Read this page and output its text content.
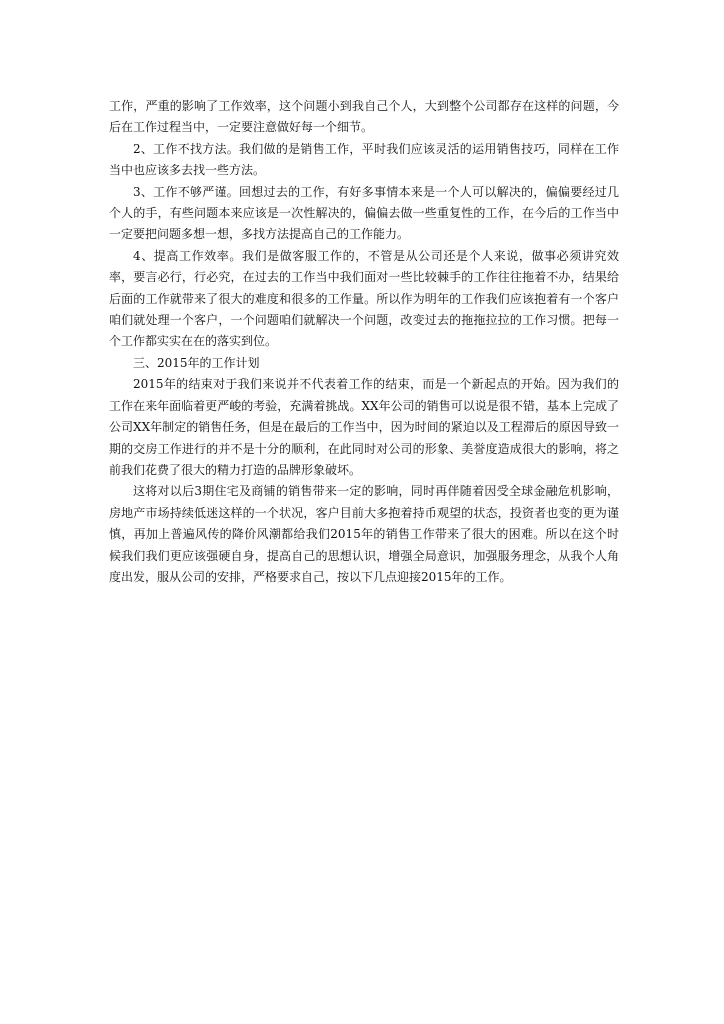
工作，严重的影响了工作效率，这个问题小到我自己个人，大到整个公司都存在这样的问题，今后在工作过程当中，一定要注意做好每一个细节。

2、工作不找方法。我们做的是销售工作，平时我们应该灵活的运用销售技巧，同样在工作当中也应该多去找一些方法。

3、工作不够严谨。回想过去的工作，有好多事情本来是一个人可以解决的，偏偏要经过几个人的手，有些问题本来应该是一次性解决的，偏偏去做一些重复性的工作，在今后的工作当中一定要把问题多想一想，多找方法提高自己的工作能力。

4、提高工作效率。我们是做客服工作的，不管是从公司还是个人来说，做事必须讲究效率，要言必行，行必究，在过去的工作当中我们面对一些比较棘手的工作往往拖着不办，结果给后面的工作就带来了很大的难度和很多的工作量。所以作为明年的工作我们应该抱着有一个客户咱们就处理一个客户，一个问题咱们就解决一个问题，改变过去的拖拖拉拉的工作习惯。把每一个工作都实实在在的落实到位。

三、2015年的工作计划

2015年的结束对于我们来说并不代表着工作的结束，而是一个新起点的开始。因为我们的工作在来年面临着更严峻的考验，充满着挑战。XX年公司的销售可以说是很不错，基本上完成了公司XX年制定的销售任务，但是在最后的工作当中，因为时间的紧迫以及工程滞后的原因导致一期的交房工作进行的并不是十分的顺利，在此同时对公司的形象、美誉度造成很大的影响，将之前我们花费了很大的精力打造的品牌形象破坏。

这将对以后3期住宅及商铺的销售带来一定的影响，同时再伴随着因受全球金融危机影响，房地产市场持续低迷这样的一个状况，客户目前大多抱着持币观望的状态，投资者也变的更为谨慎，再加上普遍风传的降价风潮都给我们2015年的销售工作带来了很大的困难。所以在这个时候我们我们更应该强硬自身，提高自己的思想认识，增强全局意识，加强服务理念，从我个人角度出发，服从公司的安排，严格要求自己，按以下几点迎接2015年的工作。
